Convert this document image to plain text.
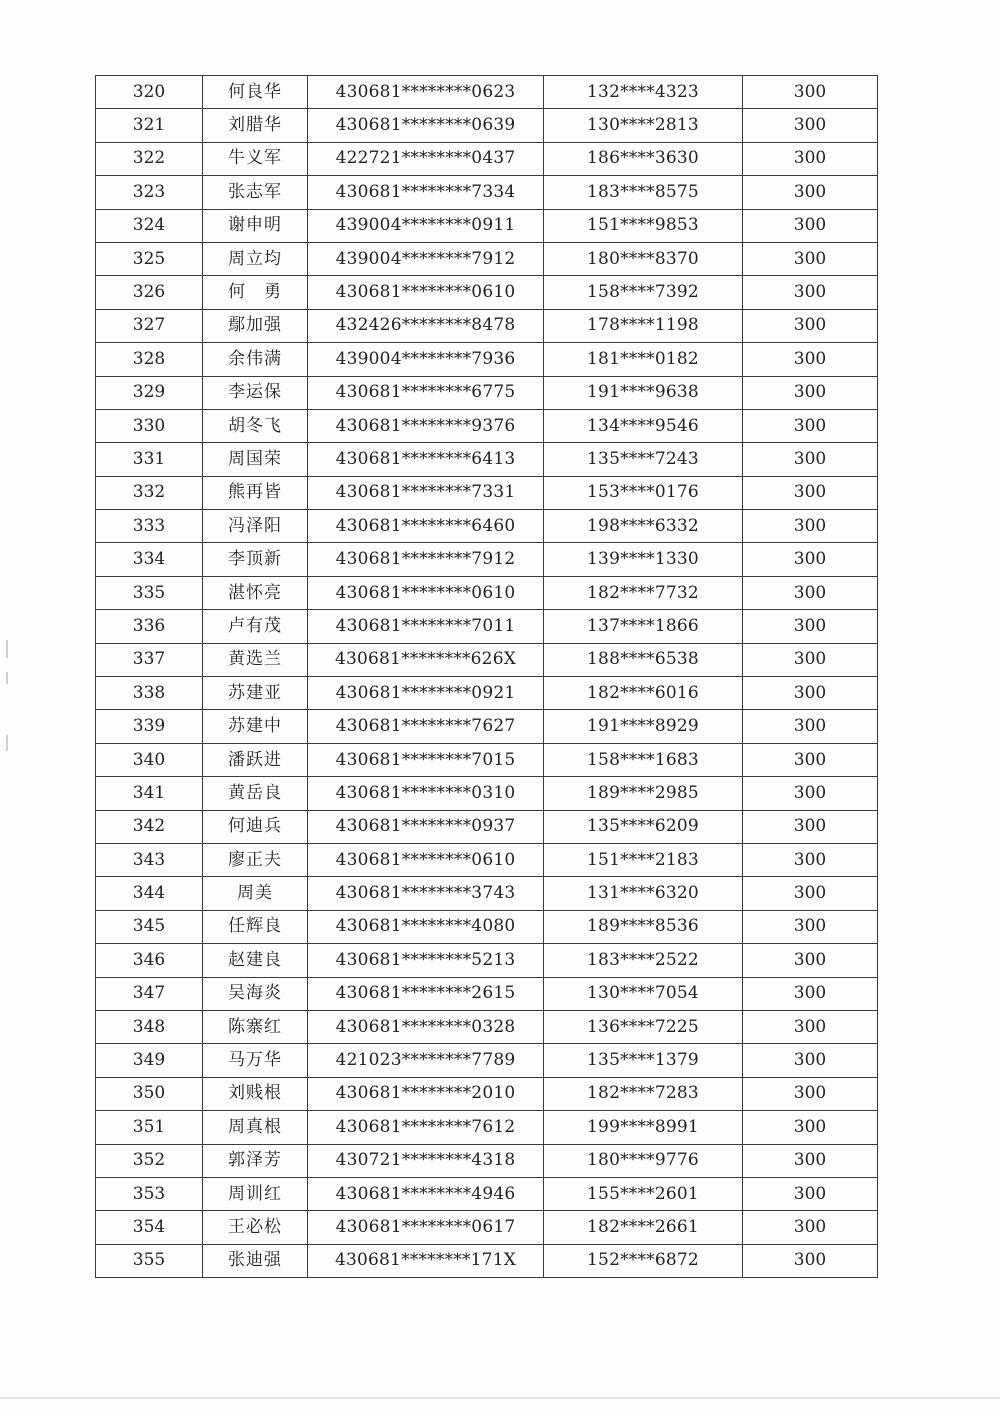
320	何良华	430681********0623	132****4323	300
321	刘腊华	430681********0639	130****2813	300
322	牛义军	422721********0437	186****3630	300
323	张志军	430681********7334	183****8575	300
324	谢申明	439004********0911	151****9853	300
325	周立均	439004********7912	180****8370	300
326	何　勇	430681********0610	158****7392	300
327	鄢加强	432426********8478	178****1198	300
328	余伟满	439004********7936	181****0182	300
329	李运保	430681********6775	191****9638	300
330	胡冬飞	430681********9376	134****9546	300
331	周国荣	430681********6413	135****7243	300
332	熊再皆	430681********7331	153****0176	300
333	冯泽阳	430681********6460	198****6332	300
334	李顶新	430681********7912	139****1330	300
335	湛怀亮	430681********0610	182****7732	300
336	卢有茂	430681********7011	137****1866	300
337	黄选兰	430681********626X	188****6538	300
338	苏建亚	430681********0921	182****6016	300
339	苏建中	430681********7627	191****8929	300
340	潘跃进	430681********7015	158****1683	300
341	黄岳良	430681********0310	189****2985	300
342	何迪兵	430681********0937	135****6209	300
343	廖正夫	430681********0610	151****2183	300
344	周美	430681********3743	131****6320	300
345	任辉良	430681********4080	189****8536	300
346	赵建良	430681********5213	183****2522	300
347	吴海炎	430681********2615	130****7054	300
348	陈寨红	430681********0328	136****7225	300
349	马万华	421023********7789	135****1379	300
350	刘贱根	430681********2010	182****7283	300
351	周真根	430681********7612	199****8991	300
352	郭泽芳	430721********4318	180****9776	300
353	周训红	430681********4946	155****2601	300
354	王必松	430681********0617	182****2661	300
355	张迪强	430681********171X	152****6872	300
